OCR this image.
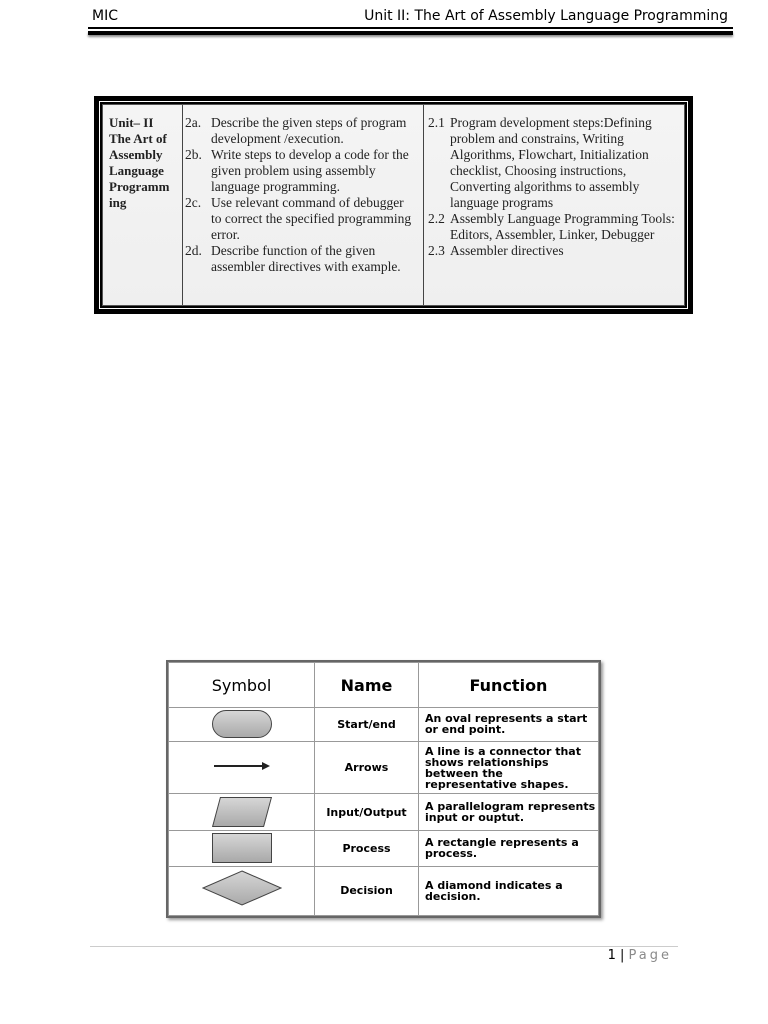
MIC	Unit II: The Art of Assembly Language Programming
Unit– II The Art of Assembly Language Programm ing
2a. Describe the given steps of program development /execution.
2b. Write steps to develop a code for the given problem using assembly language programming.
2c. Use relevant command of debugger to correct the specified programming error.
2d. Describe function of the given assembler directives with example.
2.1 Program development steps:Defining problem and constrains, Writing Algorithms, Flowchart, Initialization checklist, Choosing instructions, Converting algorithms to assembly language programs
2.2 Assembly Language Programming Tools: Editors, Assembler, Linker, Debugger
2.3 Assembler directives
Symbol	Name	Function

	Start/end	An oval represents a start or end point.
	Arrows	A line is a connector that shows relationships between the representative shapes.

	Input/Output	A parallelogram represents input or ouptut.

	Process	A rectangle represents a process.
	Decision	A diamond indicates a decision.
1 | Page
